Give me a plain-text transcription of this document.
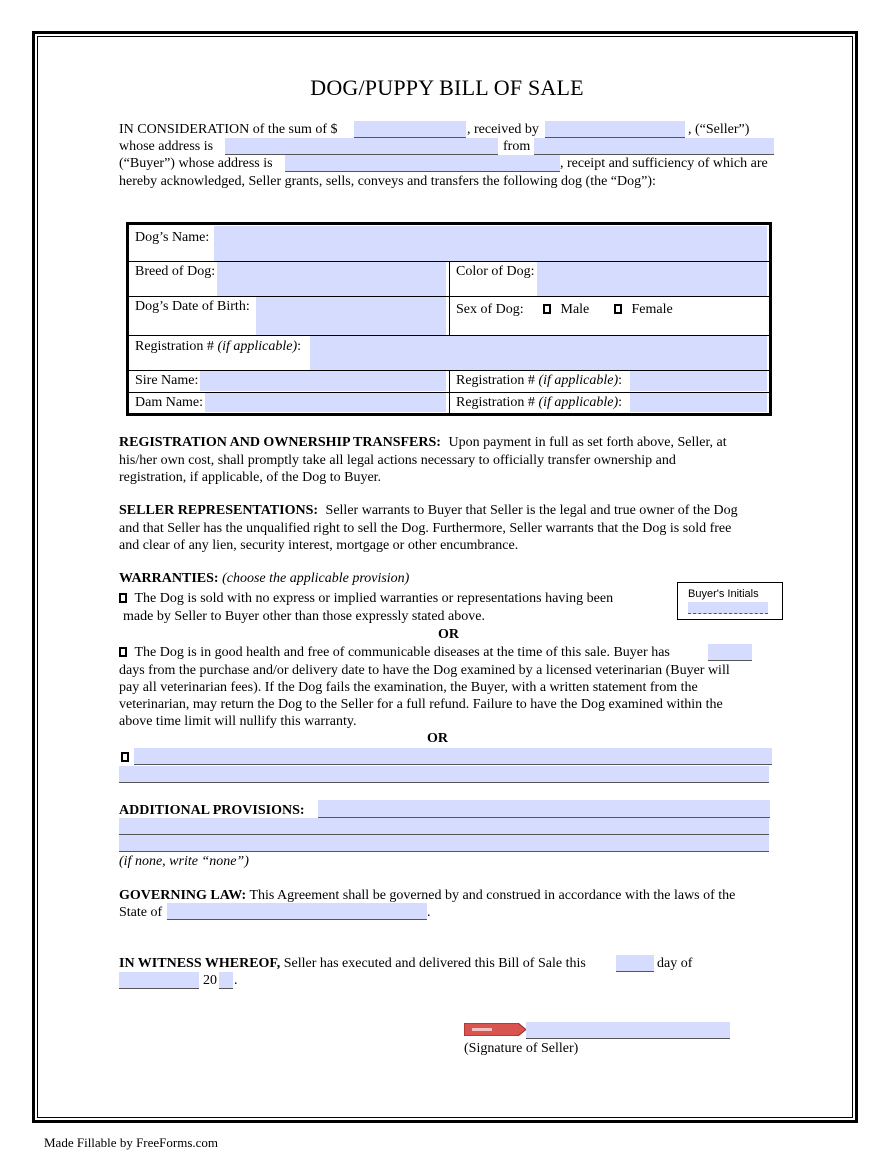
DOG/PUPPY BILL OF SALE
IN CONSIDERATION of the sum of $	, received by	, (“Seller”)
whose address is	from
(“Buyer”) whose address is	, receipt and sufficiency of which are
hereby acknowledged, Seller grants, sells, conveys and transfers the following dog (the “Dog”):
Dog’s Name:
Breed of Dog:	Color of Dog:
Dog’s Date of Birth:	Sex of Dog:	Male	Female
Registration # (if applicable):
Sire Name:	Registration # (if applicable):
Dam Name:	Registration # (if applicable):
REGISTRATION AND OWNERSHIP TRANSFERS: Upon payment in full as set forth above, Seller, at
his/her own cost, shall promptly take all legal actions necessary to officially transfer ownership and
registration, if applicable, of the Dog to Buyer.
SELLER REPRESENTATIONS: Seller warrants to Buyer that Seller is the legal and true owner of the Dog
and that Seller has the unqualified right to sell the Dog. Furthermore, Seller warrants that the Dog is sold free
and clear of any lien, security interest, mortgage or other encumbrance.
WARRANTIES: (choose the applicable provision)
The Dog is sold with no express or implied warranties or representations having been
made by Seller to Buyer other than those expressly stated above.
Buyer's Initials
OR
The Dog is in good health and free of communicable diseases at the time of this sale. Buyer has
days from the purchase and/or delivery date to have the Dog examined by a licensed veterinarian (Buyer will
pay all veterinarian fees). If the Dog fails the examination, the Buyer, with a written statement from the
veterinarian, may return the Dog to the Seller for a full refund. Failure to have the Dog examined within the
above time limit will nullify this warranty.
OR
ADDITIONAL PROVISIONS:
(if none, write “none”)
GOVERNING LAW: This Agreement shall be governed by and construed in accordance with the laws of the
State of	.
IN WITNESS WHEREOF, Seller has executed and delivered this Bill of Sale this	day of
20 .
(Signature of Seller)
Made Fillable by FreeForms.com
